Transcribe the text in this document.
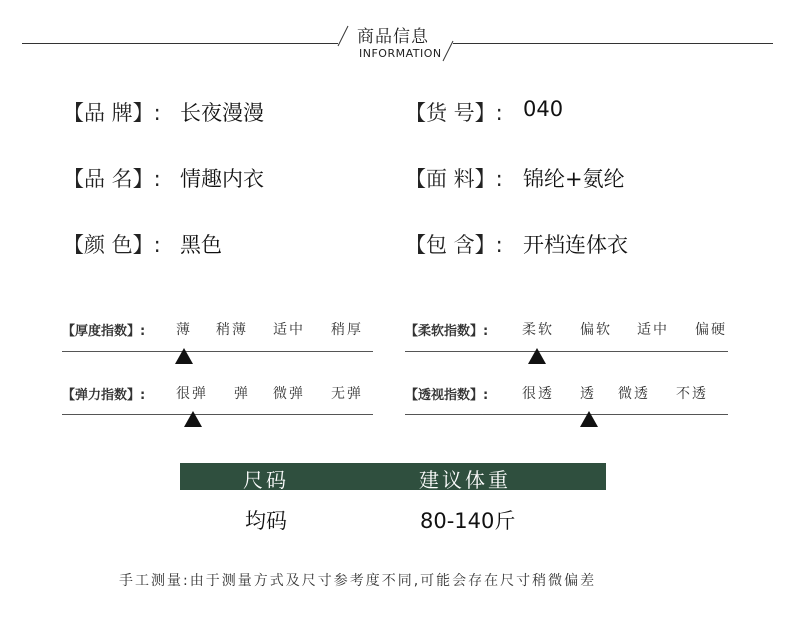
商品信息
INFORMATION
【品 牌】: 长夜漫漫	【货 号】: 040
【品 名】: 情趣内衣	【面 料】: 锦纶+氨纶
【颜 色】: 黑色	【包 含】: 开档连体衣
【厚度指数】: 薄 稍薄 适中 稍厚	【柔软指数】: 柔软 偏软 适中 偏硬
【弹力指数】: 很弹 弹 微弹 无弹	【透视指数】: 很透 透 微透 不透
尺码	建议体重
均码	80-140斤
手工测量:由于测量方式及尺寸参考度不同,可能会存在尺寸稍微偏差
